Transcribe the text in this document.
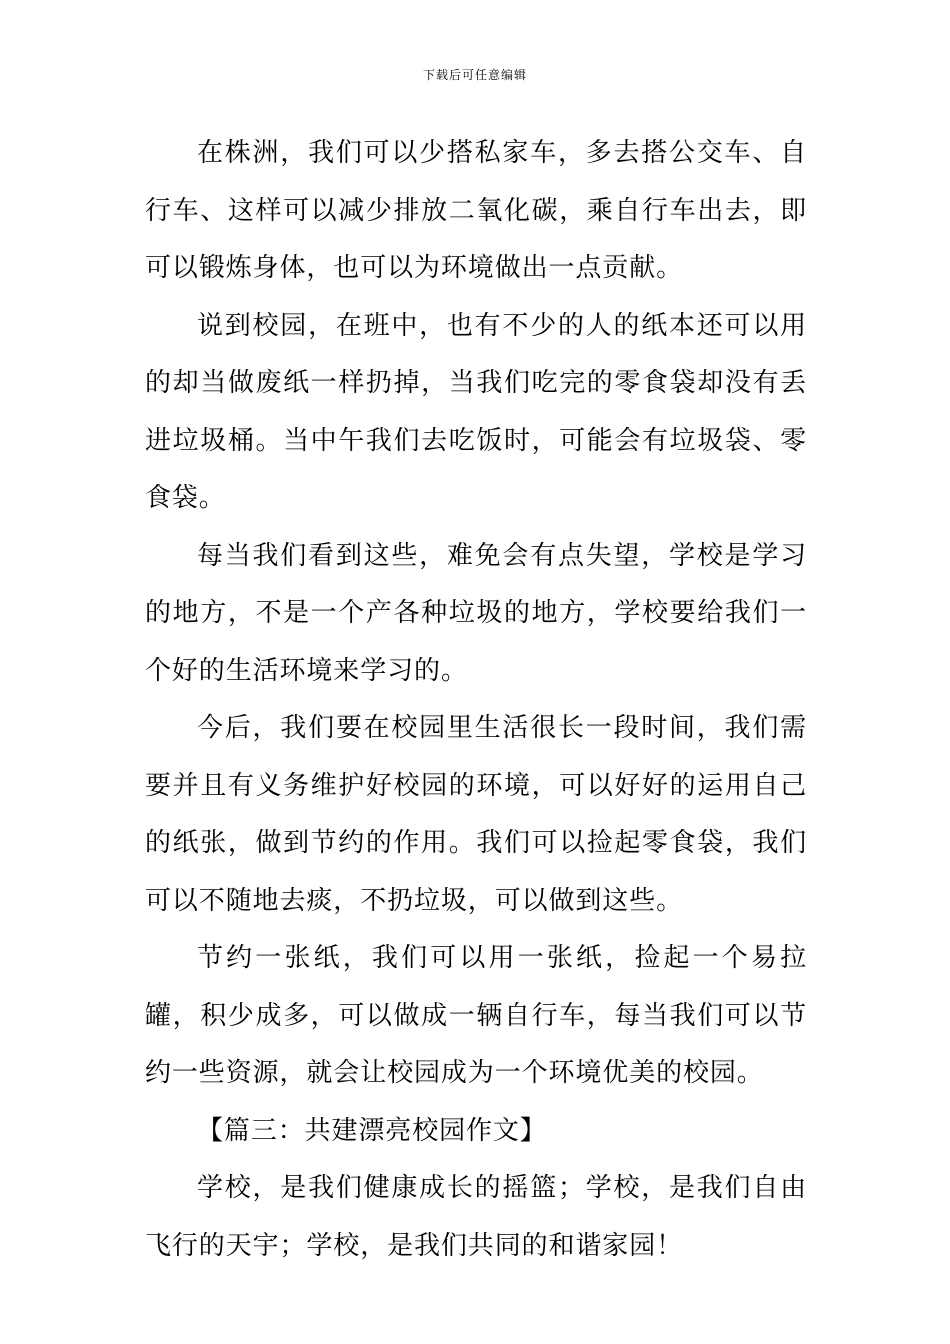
下载后可任意编辑

在株洲，我们可以少搭私家车，多去搭公交车、自行车、这样可以减少排放二氧化碳，乘自行车出去，即可以锻炼身体，也可以为环境做出一点贡献。

说到校园，在班中，也有不少的人的纸本还可以用的却当做废纸一样扔掉，当我们吃完的零食袋却没有丢进垃圾桶。当中午我们去吃饭时，可能会有垃圾袋、零食袋。

每当我们看到这些，难免会有点失望，学校是学习的地方，不是一个产各种垃圾的地方，学校要给我们一个好的生活环境来学习的。

今后，我们要在校园里生活很长一段时间，我们需要并且有义务维护好校园的环境，可以好好的运用自己的纸张，做到节约的作用。我们可以捡起零食袋，我们可以不随地去痰，不扔垃圾，可以做到这些。

节约一张纸，我们可以用一张纸，捡起一个易拉罐，积少成多，可以做成一辆自行车，每当我们可以节约一些资源，就会让校园成为一个环境优美的校园。

【篇三：共建漂亮校园作文】

学校，是我们健康成长的摇篮；学校，是我们自由飞行的天宇；学校，是我们共同的和谐家园！
